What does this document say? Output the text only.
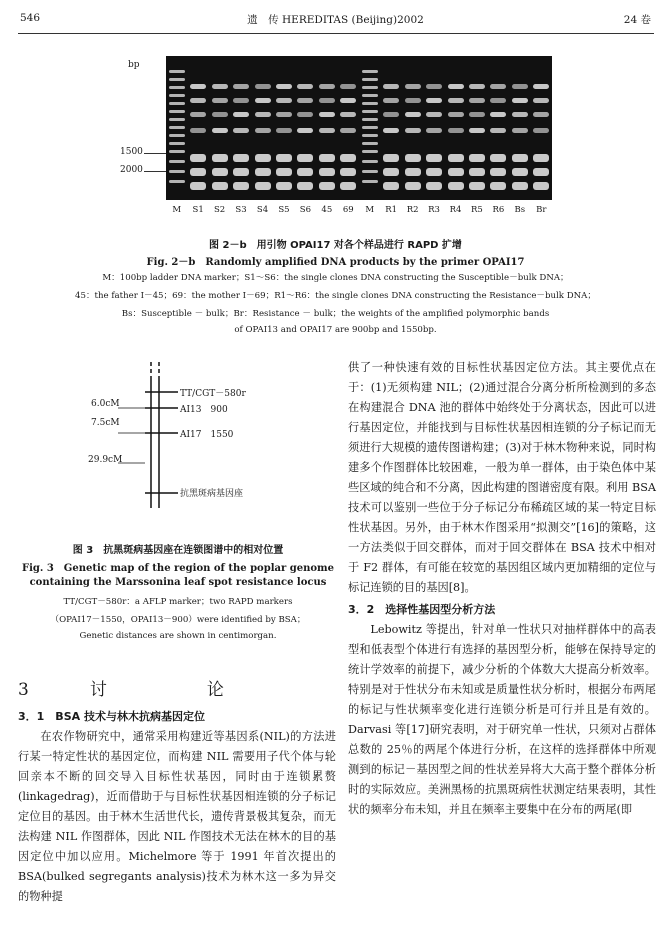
546	遗　传 HEREDITAS (Beijing)2002	24 卷
bp
1500
2000
M	S1	S2	S3	S4	S5	S6	45	69	M	R1	R2	R3	R4	R5	R6	Bs	Br
图 2－b　用引物 OPAI17 对各个样品进行 RAPD 扩增
Fig. 2－b　Randomly amplified DNA products by the primer OPAI17
M：100bp ladder DNA marker；S1～S6：the single clones DNA constructing the Susceptible－bulk DNA；
45：the father I－45；69：the mother I－69；R1～R6：the single clones DNA constructing the Resistance－bulk DNA；
Bs：Susceptible － bulk；Br：Resistance － bulk；the weights of the amplified polymorphic bands
of OPAI13 and OPAI17 are 900bp and 1550bp.
6.0cM
7.5cM
29.9cM
TT/CGT－580r
AI13　900
AI17　1550
抗黑斑病基因座
图 3　抗黑斑病基因座在连锁图谱中的相对位置
Fig. 3　Genetic map of the region of the poplar genome
containing the Marssonina leaf spot resistance locus
TT/CGT－580r：a AFLP marker；two RAPD markers
（OPAI17－1550，OPAI13－900）were identified by BSA；
Genetic distances are shown in centimorgan.
3　讨　　论

3．1　BSA 技术与林木抗病基因定位

在农作物研究中，通常采用构建近等基因系(NIL)的方法进行某一特定性状的基因定位，而构建 NIL 需要用子代个体与轮回亲本不断的回交导入目标性状基因，同时由于连锁累赘(linkagedrag)，近而借助于与目标性状基因相连锁的分子标记定位目的基因。由于林木生活世代长，遗传背景极其复杂，而无法构建 NIL 作图群体，因此 NIL 作图技术无法在林木的目的基因定位中加以应用。Michelmore 等于 1991 年首次提出的 BSA(bulked segregants analysis)技术为林木这一多为异交的物种提

供了一种快速有效的目标性状基因定位方法。其主要优点在于：(1)无须构建 NIL；(2)通过混合分离分析所检测到的多态在构建混合 DNA 池的群体中始终处于分离状态，因此可以进行基因定位，并能找到与目标性状基因相连锁的分子标记而无须进行大规模的遗传图谱构建；(3)对于林木物种来说，同时构建多个作图群体比较困难，一般为单一群体，由于染色体中某些区域的纯合和不分离，因此构建的图谱密度有限。利用 BSA 技术可以鉴别一些位于分子标记分布稀疏区域的某一特定目标性状基因。另外，由于林木作图采用“拟测交”[16]的策略，这一方法类似于回交群体，而对于回交群体在 BSA 技术中相对于 F2 群体，有可能在较宽的基因组区域内更加精细的定位与标记连锁的目的基因[8]。

3．2　选择性基因型分析方法

Lebowitz 等提出，针对单一性状只对抽样群体中的高表型和低表型个体进行有选择的基因型分析，能够在保持导定的统计学效率的前提下，减少分析的个体数大大提高分析效率。特别是对于性状分布未知或是质量性状分析时，根据分布两尾的标记与性状频率变化进行连锁分析是可行并且是有效的。Darvasi 等[17]研究表明，对于研究单一性状，只须对占群体总数的 25％的两尾个体进行分析，在这样的选择群体中所观测到的标记－基因型之间的性状差异将大大高于整个群体分析时的实际效应。美洲黑杨的抗黑斑病性状测定结果表明，其性状的频率分布未知，并且在频率主要集中在分布的两尾(即
